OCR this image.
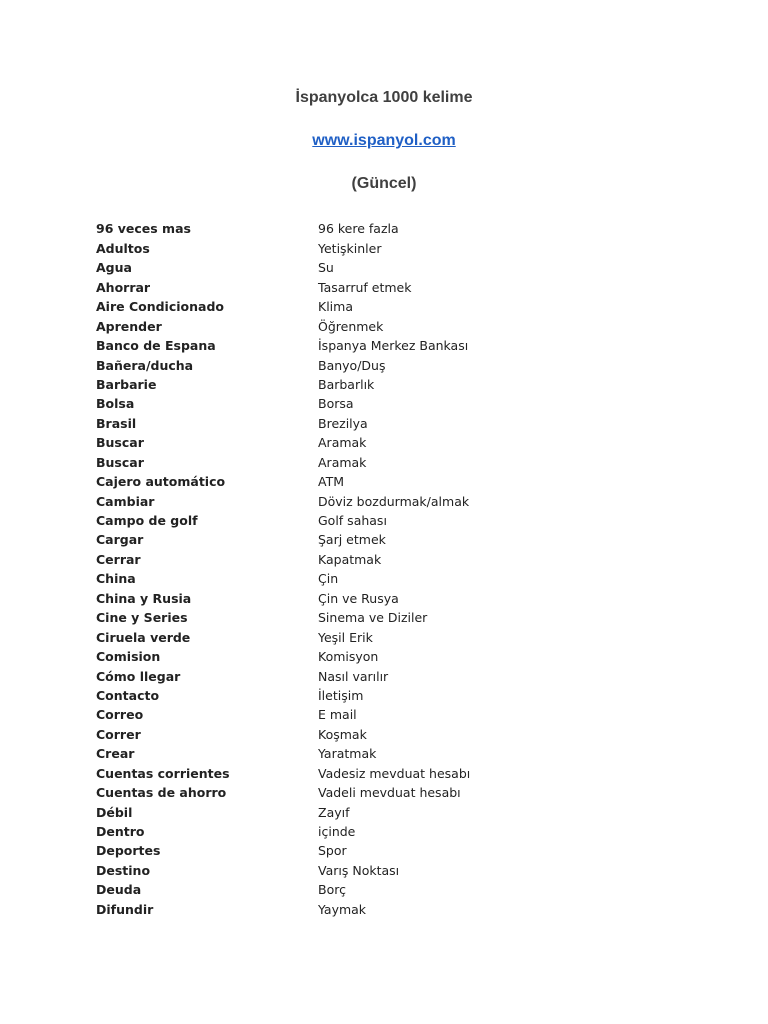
İspanyolca 1000 kelime
www.ispanyol.com
(Güncel)
96 veces mas	96 kere fazla
Adultos	Yetişkinler
Agua	Su
Ahorrar	Tasarruf etmek
Aire Condicionado	Klima
Aprender	Öğrenmek
Banco de Espana	İspanya Merkez Bankası
Bañera/ducha	Banyo/Duş
Barbarie	Barbarlık
Bolsa	Borsa
Brasil	Brezilya
Buscar	Aramak
Buscar	Aramak
Cajero automático	ATM
Cambiar	Döviz bozdurmak/almak
Campo de golf	Golf sahası
Cargar	Şarj etmek
Cerrar	Kapatmak
China	Çin
China y Rusia	Çin ve Rusya
Cine y Series	Sinema ve Diziler
Ciruela verde	Yeşil Erik
Comision	Komisyon
Cómo llegar	Nasıl varılır
Contacto	İletişim
Correo	E mail
Correr	Koşmak
Crear	Yaratmak
Cuentas corrientes	Vadesiz mevduat hesabı
Cuentas de ahorro	Vadeli mevduat hesabı
Débil	Zayıf
Dentro	içinde
Deportes	Spor
Destino	Varış Noktası
Deuda	Borç
Difundir	Yaymak
